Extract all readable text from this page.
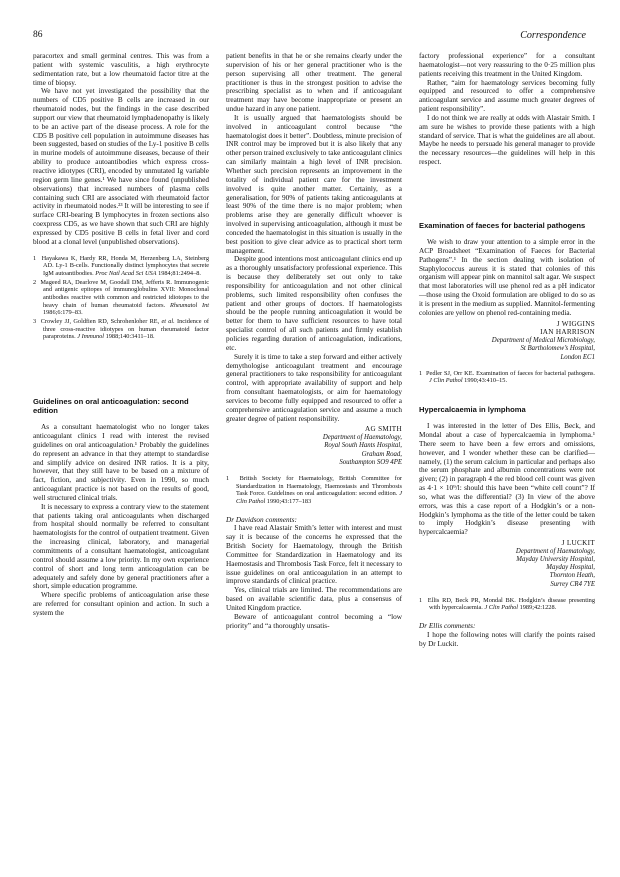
86	Correspondence

paracortex and small germinal centres. This was from a patient with systemic vasculitis, a high erythrocyte sedimentation rate, but a low rheumatoid factor titre at the time of biopsy.

We have not yet investigated the possibility that the numbers of CD5 positive B cells are increased in our rheumatoid nodes, but the findings in the case described support our view that rheumatoid lymphadenopathy is likely to be an active part of the disease process. A role for the CD5 B positive cell population in autoimmune diseases has been suggested, based on studies of the Ly-1 positive B cells in murine models of autoimmune diseases, because of their ability to produce autoantibodies which express cross-reactive idiotypes (CRI), encoded by unmutated Ig variable region germ line genes.¹ We have since found (unpublished observations) that increased numbers of plasma cells containing such CRI are associated with rheumatoid factor activity in rheumatoid nodes.²³ It will be interesting to see if surface CRI-bearing B lymphocytes in frozen sections also coexpress CD5, as we have shown that such CRI are highly expressed by CD5 positive B cells in fetal liver and cord blood at a clonal level (unpublished observations).

1 Hayakawa K, Hardy RR, Honda M, Herzenberg LA, Steinberg AD. Ly-1 B-cells. Functionally distinct lymphocytes that secrete IgM autoantibodies. Proc Natl Acad Sci USA 1984;81:2494–8.
2 Mageed RA, Dearlove M, Goodall DM, Jefferis R. Immunogenic and antigenic epitopes of immunoglobulins XVII: Monoclonal antibodies reactive with common and restricted idiotopes to the heavy chain of human rheumatoid factors. Rheumatol Int 1986;6:179–83.
3 Crowley JJ, Goldfien RD, Schrohenloher RE, et al. Incidence of three cross-reactive idiotypes on human rheumatoid factor paraproteins. J Immunol 1988;140:3411–18.
Guidelines on oral anticoagulation: second edition

As a consultant haematologist who no longer takes anticoagulant clinics I read with interest the revised guidelines on oral anticoagulation.¹ Probably the guidelines do represent an advance in that they attempt to standardise and simplify advice on desired INR ratios. It is a pity, however, that they still have to be based on a mixture of fact, fiction, and subjectivity. Even in 1990, so much anticoagulant practice is not based on the results of good, well structured clinical trials.

It is necessary to express a contrary view to the statement that patients taking oral anticoagulants when discharged from hospital should normally be referred to consultant haematologists for the control of outpatient treatment. Given the increasing clinical, laboratory, and managerial commitments of a consultant haematologist, anticoagulant control should assume a low priority. In my own experience control of short and long term anticoagulation can be adequately and safely done by general practitioners after a short, simple education programme.

Where specific problems of anticoagulation arise these are referred for consultant opinion and action. In such a system the

patient benefits in that he or she remains clearly under the supervision of his or her general practitioner who is the person supervising all other treatment. The general practitioner is thus in the strongest position to advise the prescribing specialist as to when and if anticoagulant treatment may have become inappropriate or present an undue hazard in any one patient.

It is usually argued that haematologists should be involved in anticoagulant control because “the haematologist does it better”. Doubtless, minute precision of INR control may be improved but it is also likely that any other person trained exclusively to take anticoagulant clinics can similarly maintain a high level of INR precision. Whether such precision represents an improvement in the totality of individual patient care for the investment involved is quite another matter. Certainly, as a generalisation, for 90% of patients taking anticoagulants at least 90% of the time there is no major problem; when problems arise they are generally difficult whoever is involved in supervising anticoagulation, although it must be conceded the haematologist in this situation is usually in the best position to give clear advice as to practical short term management.

Despite good intentions most anticoagulant clinics end up as a thoroughly unsatisfactory professional experience. This is because they deliberately set out only to take responsibility for anticoagulation and not other clinical problems, such limited responsibility often confuses the patient and other groups of doctors. If haematologists should be the people running anticoagulation it would be better for them to have sufficient resources to have total specialist control of all such patients and firmly establish policies regarding duration of anticoagulation, indications, etc.

Surely it is time to take a step forward and either actively demythologise anticoagulant treatment and encourage general practitioners to take responsibility for anticoagulant control, with appropriate availability of support and help from consultant haematologists, or aim for haematology services to become fully equipped and resourced to offer a comprehensive anticoagulation service and assume a much greater degree of patient responsibility.

AG SMITH
Department of Haematology,
Royal South Hants Hospital,
Graham Road,
Southampton SO9 4PE
1 British Society for Haematology, British Committee for Standardization in Haematology, Haemostasis and Thrombosis Task Force. Guidelines on oral anticoagulation: second edition. J Clin Pathol 1990;43:177–183
Dr Davidson comments:

I have read Alastair Smith’s letter with interest and must say it is because of the concerns he expressed that the British Society for Haematology, through the British Committee for Standardization in Haematology and its Haemostasis and Thrombosis Task Force, felt it necessary to issue guidelines on oral anticoagulation in an attempt to improve standards of clinical practice.

Yes, clinical trials are limited. The recommendations are based on available scientific data, plus a consensus of United Kingdom practice.

Beware of anticoagulant control becoming a “low priority” and “a thoroughly unsatis-

factory professional experience” for a consultant haematologist—not very reassuring to the 0·25 million plus patients receiving this treatment in the United Kingdom.

Rather, “aim for haematology services becoming fully equipped and resourced to offer a comprehensive anticoagulant service and assume much greater degrees of patient responsibility”.

I do not think we are really at odds with Alastair Smith. I am sure he wishes to provide these patients with a high standard of service. That is what the guidelines are all about. Maybe he needs to persuade his general manager to provide the necessary resources—the guidelines will help in this respect.

Examination of faeces for bacterial pathogens

We wish to draw your attention to a simple error in the ACP Broadsheet “Examination of Faeces for Bacterial Pathogens”.¹ In the section dealing with isolation of Staphylococcus aureus it is stated that colonies of this organism will appear pink on mannitol salt agar. We suspect that most laboratories will use phenol red as a pH indicator—those using the Oxoid formulation are obliged to do so as it is present in the medium as supplied. Mannitol-fermenting colonies are yellow on phenol red-containing media.

J WIGGINS
IAN HARRISON
Department of Medical Microbiology,
St Bartholomew’s Hospital,
London EC1
1 Pedler SJ, Orr KE. Examination of faeces for bacterial pathogens. J Clin Pathol 1990;43:410–15.
Hypercalcaemia in lymphoma

I was interested in the letter of Des Ellis, Beck, and Mondal about a case of hypercalcaemia in lymphoma.¹ There seem to have been a few errors and omissions, however, and I wonder whether these can be clarified—namely, (1) the serum calcium in particular and perhaps also the serum phosphate and albumin concentrations were not given; (2) in paragraph 4 the red blood cell count was given as 4·1 × 10⁹/l: should this have been “white cell count”? If so, what was the differential? (3) In view of the above errors, was this a case report of a Hodgkin’s or a non-Hodgkin’s lymphoma as the title of the letter could be taken to imply Hodgkin’s disease presenting with hypercalcaemia?

J LUCKIT
Department of Haematology,
Mayday University Hospital,
Mayday Hospital,
Thornton Heath,
Surrey CR4 7YE
1 Ellis RD, Beck PR, Mondal BK. Hodgkin’s disease presenting with hypercalcaemia. J Clin Pathol 1989;42:1228.
Dr Ellis comments:

I hope the following notes will clarify the points raised by Dr Luckit.
